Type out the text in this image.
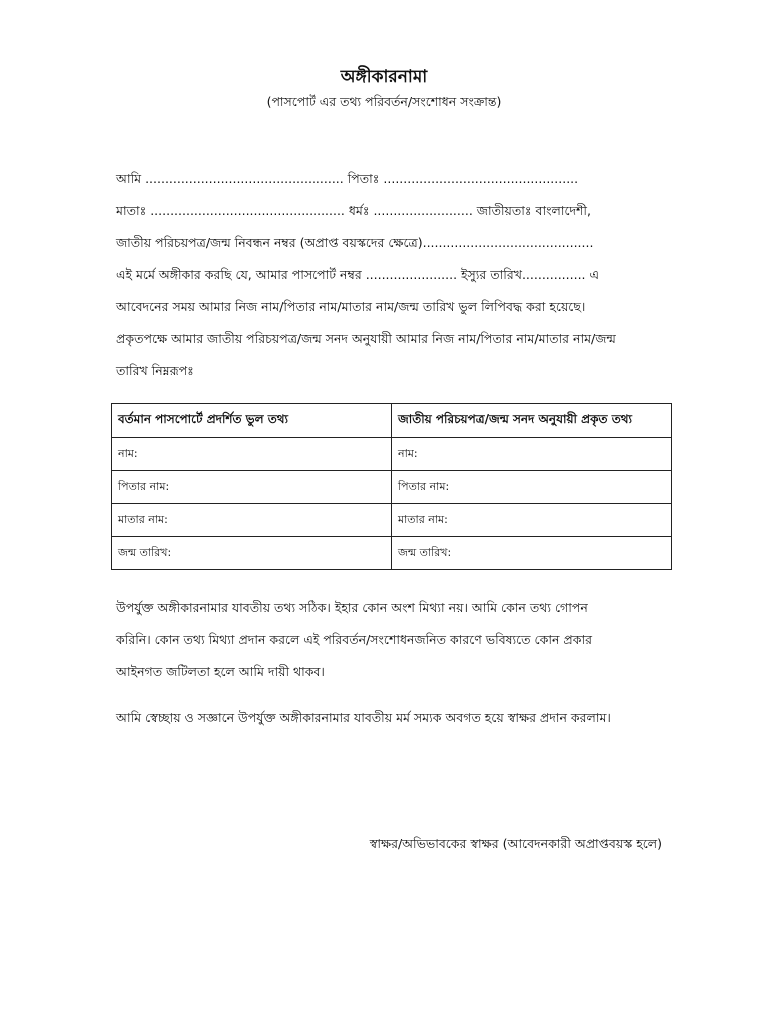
অঙ্গীকারনামা
(পাসপোর্ট এর তথ্য পরিবর্তন/সংশোধন সংক্রান্ত)
আমি .................................................. পিতাঃ .................................................
মাতাঃ ................................................. ধর্মঃ ......................... জাতীয়তাঃ বাংলাদেশী,
জাতীয় পরিচয়পত্র/জন্ম নিবন্ধন নম্বর (অপ্রাপ্ত বয়স্কদের ক্ষেত্রে)...........................................
এই মর্মে অঙ্গীকার করছি যে, আমার পাসপোর্ট নম্বর ....................... ইস্যুর তারিখ................ এ
আবেদনের সময় আমার নিজ নাম/পিতার নাম/মাতার নাম/জন্ম তারিখ ভুল লিপিবদ্ধ করা হয়েছে।
প্রকৃতপক্ষে আমার জাতীয় পরিচয়পত্র/জন্ম সনদ অনুযায়ী আমার নিজ নাম/পিতার নাম/মাতার নাম/জন্ম
তারিখ নিম্নরূপঃ
বর্তমান পাসপোর্টে প্রদর্শিত ভুল তথ্য	জাতীয় পরিচয়পত্র/জন্ম সনদ অনুযায়ী প্রকৃত তথ্য
নাম:	নাম:
পিতার নাম:	পিতার নাম:
মাতার নাম:	মাতার নাম:
জন্ম তারিখ:	জন্ম তারিখ:
উপর্যুক্ত অঙ্গীকারনামার যাবতীয় তথ্য সঠিক। ইহার কোন অংশ মিথ্যা নয়। আমি কোন তথ্য গোপন
করিনি। কোন তথ্য মিথ্যা প্রদান করলে এই পরিবর্তন/সংশোধনজনিত কারণে ভবিষ্যতে কোন প্রকার
আইনগত জটিলতা হলে আমি দায়ী থাকব।
আমি স্বেচ্ছায় ও সজ্ঞানে উপর্যুক্ত অঙ্গীকারনামার যাবতীয় মর্ম সম্যক অবগত হয়ে স্বাক্ষর প্রদান করলাম।
স্বাক্ষর/অভিভাবকের স্বাক্ষর (আবেদনকারী অপ্রাপ্তবয়স্ক হলে)
